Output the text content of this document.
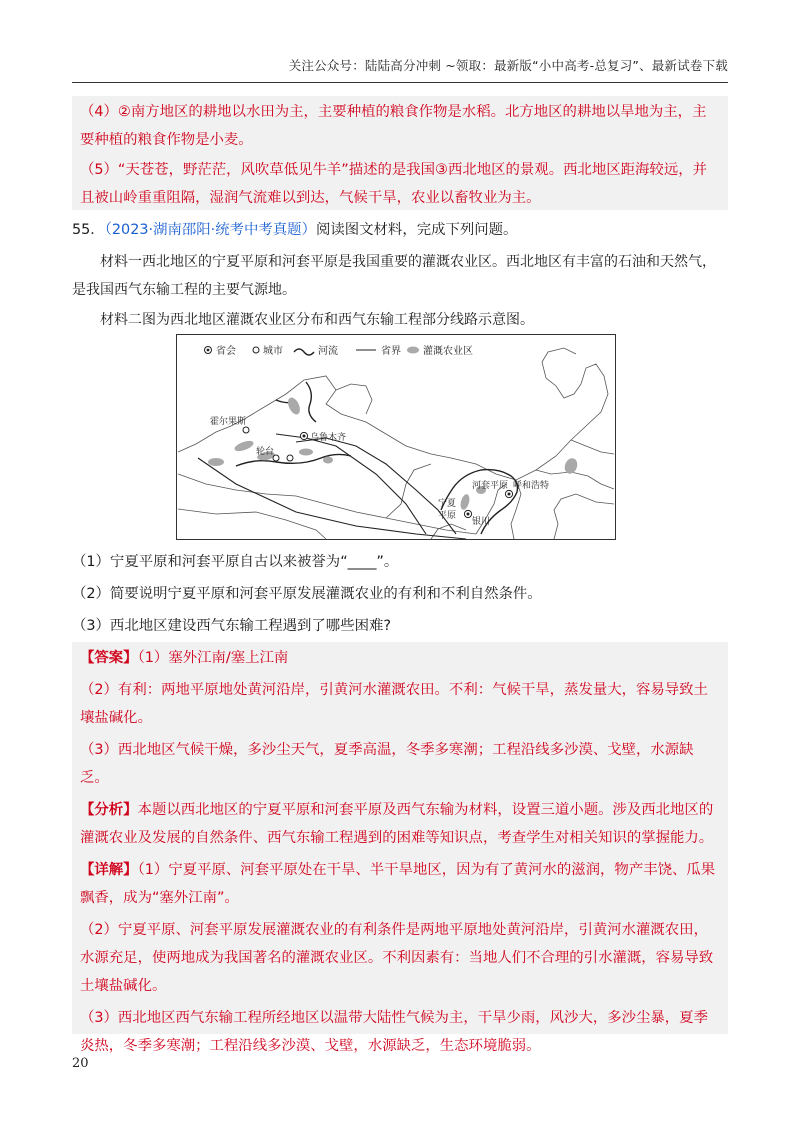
关注公众号：陆陆高分冲刺 ~领取：最新版“小中高考-总复习”、最新试卷下载

（4）②南方地区的耕地以水田为主，主要种植的粮食作物是水稻。北方地区的耕地以旱地为主，主要种植的粮食作物是小麦。

（5）“天苍苍，野茫茫，风吹草低见牛羊”描述的是我国③西北地区的景观。西北地区距海较远，并且被山岭重重阻隔，湿润气流难以到达，气候干旱，农业以畜牧业为主。

55．（2023·湖南邵阳·统考中考真题）阅读图文材料，完成下列问题。

材料一西北地区的宁夏平原和河套平原是我国重要的灌溉农业区。西北地区有丰富的石油和天然气，是我国西气东输工程的主要气源地。

材料二图为西北地区灌溉农业区分布和西气东输工程部分线路示意图。

省会	城市	河流	省界 灌溉农业区
霍尔果斯
乌鲁木齐
轮台
河套平原 呼和浩特
宁夏
平原
银川

（1）宁夏平原和河套平原自古以来被誉为“____”。

（2）简要说明宁夏平原和河套平原发展灌溉农业的有利和不利自然条件。

（3）西北地区建设西气东输工程遇到了哪些困难?

【答案】（1）塞外江南/塞上江南

（2）有利：两地平原地处黄河沿岸，引黄河水灌溉农田。不利：气候干旱，蒸发量大，容易导致土壤盐碱化。

（3）西北地区气候干燥，多沙尘天气，夏季高温，冬季多寒潮；工程沿线多沙漠、戈壁，水源缺乏。

【分析】本题以西北地区的宁夏平原和河套平原及西气东输为材料，设置三道小题。涉及西北地区的灌溉农业及发展的自然条件、西气东输工程遇到的困难等知识点，考查学生对相关知识的掌握能力。

【详解】（1）宁夏平原、河套平原处在干旱、半干旱地区，因为有了黄河水的滋润，物产丰饶、瓜果飘香，成为“塞外江南”。

（2）宁夏平原、河套平原发展灌溉农业的有利条件是两地平原地处黄河沿岸，引黄河水灌溉农田，水源充足，使两地成为我国著名的灌溉农业区。不利因素有：当地人们不合理的引水灌溉，容易导致土壤盐碱化。

（3）西北地区西气东输工程所经地区以温带大陆性气候为主，干旱少雨，风沙大，多沙尘暴，夏季炎热，冬季多寒潮；工程沿线多沙漠、戈壁，水源缺乏，生态环境脆弱。

20
